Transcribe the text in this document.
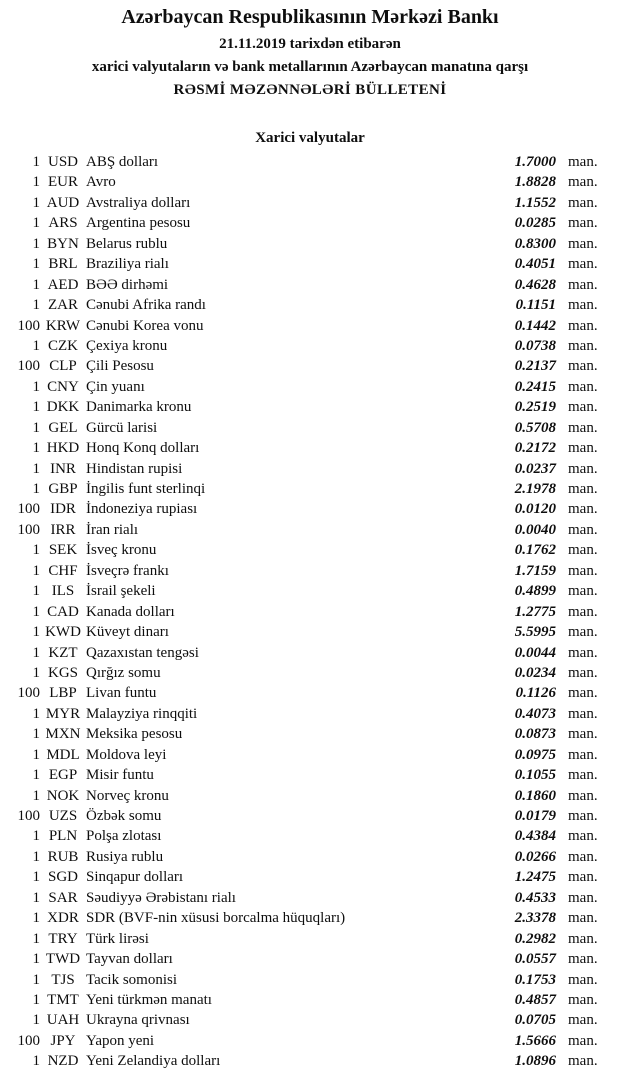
Azərbaycan Respublikasının Mərkəzi Bankı
21.11.2019 tarixdən etibarən
xarici valyutaların və bank metallarının Azərbaycan manatına qarşı
RƏSMİ MƏZƏNNƏLƏRİ BÜLLETENİ
Xarici valyutalar
1 USD ABŞ dolları	1.7000 man.
1 EUR Avro	1.8828 man.
1 AUD Avstraliya dolları	1.1552 man.
1 ARS Argentina pesosu	0.0285 man.
1 BYN Belarus rublu	0.8300 man.
1 BRL Braziliya rialı	0.4051 man.
1 AED BƏƏ dirhəmi	0.4628 man.
1 ZAR Cənubi Afrika randı	0.1151 man.
100 KRW Cənubi Korea vonu	0.1442 man.
1 CZK Çexiya kronu	0.0738 man.
100 CLP Çili Pesosu	0.2137 man.
1 CNY Çin yuanı	0.2415 man.
1 DKK Danimarka kronu	0.2519 man.
1 GEL Gürcü larisi	0.5708 man.
1 HKD Honq Konq dolları	0.2172 man.
1 INR Hindistan rupisi	0.0237 man.
1 GBP İngilis funt sterlinqi	2.1978 man.
100 IDR İndoneziya rupiası	0.0120 man.
100 IRR İran rialı	0.0040 man.
1 SEK İsveç kronu	0.1762 man.
1 CHF İsveçrə frankı	1.7159 man.
1 ILS İsrail şekeli	0.4899 man.
1 CAD Kanada dolları	1.2775 man.
1 KWD Küveyt dinarı	5.5995 man.
1 KZT Qazaxıstan tengəsi	0.0044 man.
1 KGS Qırğız somu	0.0234 man.
100 LBP Livan funtu	0.1126 man.
1 MYR Malayziya rinqqiti	0.4073 man.
1 MXN Meksika pesosu	0.0873 man.
1 MDL Moldova leyi	0.0975 man.
1 EGP Misir funtu	0.1055 man.
1 NOK Norveç kronu	0.1860 man.
100 UZS Özbək somu	0.0179 man.
1 PLN Polşa zlotası	0.4384 man.
1 RUB Rusiya rublu	0.0266 man.
1 SGD Sinqapur dolları	1.2475 man.
1 SAR Səudiyyə Ərəbistanı rialı	0.4533 man.
1 XDR SDR (BVF-nin xüsusi borcalma hüquqları)	2.3378 man.
1 TRY Türk lirəsi	0.2982 man.
1 TWD Tayvan dolları	0.0557 man.
1 TJS Tacik somonisi	0.1753 man.
1 TMT Yeni türkmən manatı	0.4857 man.
1 UAH Ukrayna qrivnası	0.0705 man.
100 JPY Yapon yeni	1.5666 man.
1 NZD Yeni Zelandiya dolları	1.0896 man.
